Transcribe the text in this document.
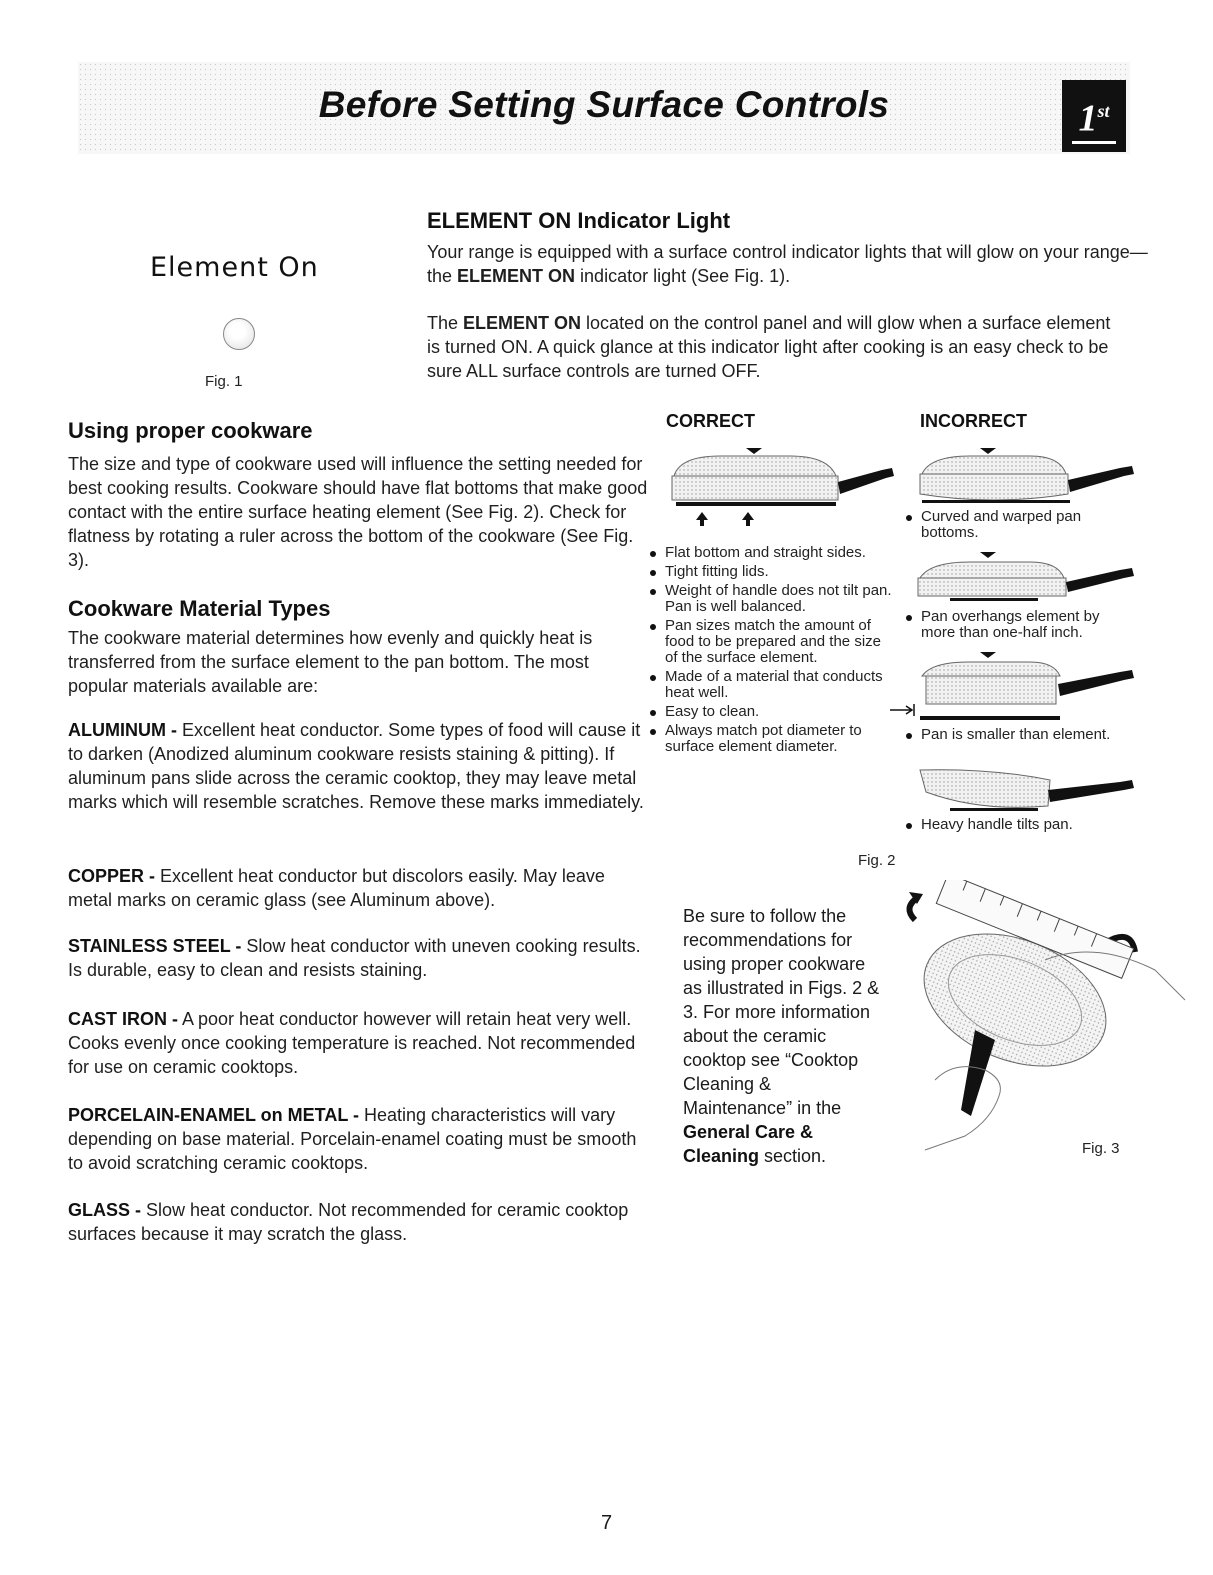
Before Setting Surface Controls	1st
Element On
Fig. 1
ELEMENT ON Indicator Light
Your range is equipped with a surface control indicator lights that will glow on your range— the ELEMENT ON indicator light (See Fig. 1).
The ELEMENT ON located on the control panel and will glow when a surface element is turned ON. A quick glance at this indicator light after cooking is an easy check to be sure ALL surface controls are turned OFF.
Using proper cookware
The size and type of cookware used will influence the setting needed for best cooking results. Cookware should have flat bottoms that make good contact with the entire surface heating element (See Fig. 2). Check for flatness by rotating a ruler across the bottom of the cookware (See Fig. 3).
Cookware Material Types
The cookware material determines how evenly and quickly heat is transferred from the surface element to the pan bottom. The most popular materials available are:
ALUMINUM - Excellent heat conductor. Some types of food will cause it to darken (Anodized aluminum cookware resists staining & pitting). If aluminum pans slide across the ceramic cooktop, they may leave metal marks which will resemble scratches. Remove these marks immediately.
COPPER - Excellent heat conductor but discolors easily. May leave metal marks on ceramic glass (see Aluminum above).
STAINLESS STEEL - Slow heat conductor with uneven cooking results. Is durable, easy to clean and resists staining.
CAST IRON - A poor heat conductor however will retain heat very well. Cooks evenly once cooking temperature is reached. Not recommended for use on ceramic cooktops.
PORCELAIN-ENAMEL on METAL - Heating characteristics will vary depending on base material. Porcelain-enamel coating must be smooth to avoid scratching ceramic cooktops.
GLASS - Slow heat conductor. Not recommended for ceramic cooktop surfaces because it may scratch the glass.
CORRECT	INCORRECT
Flat bottom and straight sides.
Tight fitting lids.
Weight of handle does not tilt pan. Pan is well balanced.
Pan sizes match the amount of food to be prepared and the size of the surface element.
Made of a material that conducts heat well.
Easy to clean.
Always match pot diameter to surface element diameter.
Curved and warped pan bottoms.
Pan overhangs element by more than one-half inch.
Pan is smaller than element.
Heavy handle tilts pan.
Fig. 2
Be sure to follow the recommendations for using proper cookware as illustrated in Figs. 2 & 3. For more information about the ceramic cooktop see “Cooktop Cleaning & Maintenance” in the General Care & Cleaning section.	Fig. 3
7
